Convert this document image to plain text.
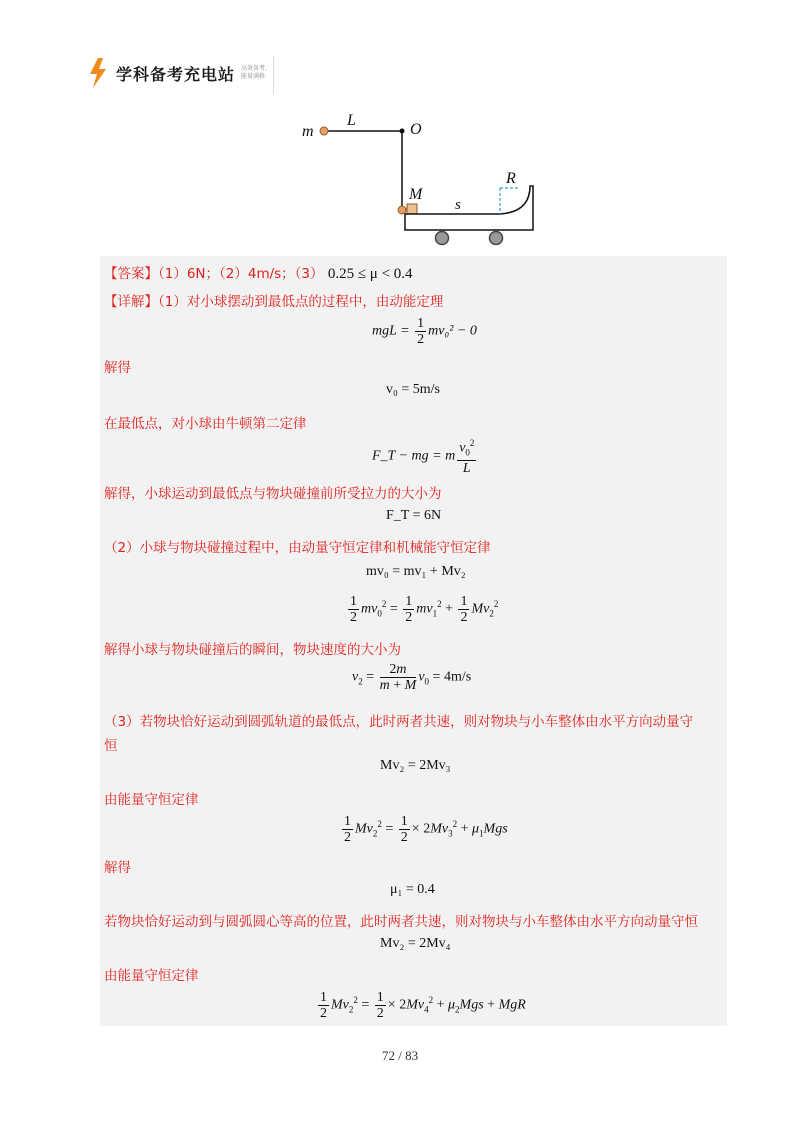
学科备考充电站 高效备考,
能量满格
m
L
O
M
s
R
【答案】（1）6N；（2）4m/s；（3） 0.25 ≤ μ < 0.4
【详解】（1）对小球摆动到最低点的过程中，由动能定理
mgL = $\frac{1}{2} mv_0^2 - 0$
解得
v₀ = 5m/s
在最低点，对小球由牛顿第二定律
F_T − mg = m $\frac{v_0^2}{L}$
解得，小球运动到最低点与物块碰撞前所受拉力的大小为
F_T = 6N
（2）小球与物块碰撞过程中，由动量守恒定律和机械能守恒定律
mv₀ = mv₁ + Mv₂
$\frac{1}{2} mv_0^2 = \frac{1}{2} mv_1^2 + \frac{1}{2} Mv_2^2$
解得小球与物块碰撞后的瞬间，物块速度的大小为
$v_2 = \frac{2m}{m + M} v_0 = 4m/s$
（3）若物块恰好运动到圆弧轨道的最低点，此时两者共速，则对物块与小车整体由水平方向动量守
恒
Mv₂ = 2Mv₃
由能量守恒定律
$\frac{1}{2} Mv_2^2 = \frac{1}{2} \times 2Mv_3^2 + \mu_1Mgs$
解得
μ₁ = 0.4
若物块恰好运动到与圆弧圆心等高的位置，此时两者共速，则对物块与小车整体由水平方向动量守恒
Mv₂ = 2Mv₄
由能量守恒定律
$\frac{1}{2} Mv_2^2 = \frac{1}{2} \times 2Mv_4^2 + \mu_2Mgs$ + MgR
72 / 83
